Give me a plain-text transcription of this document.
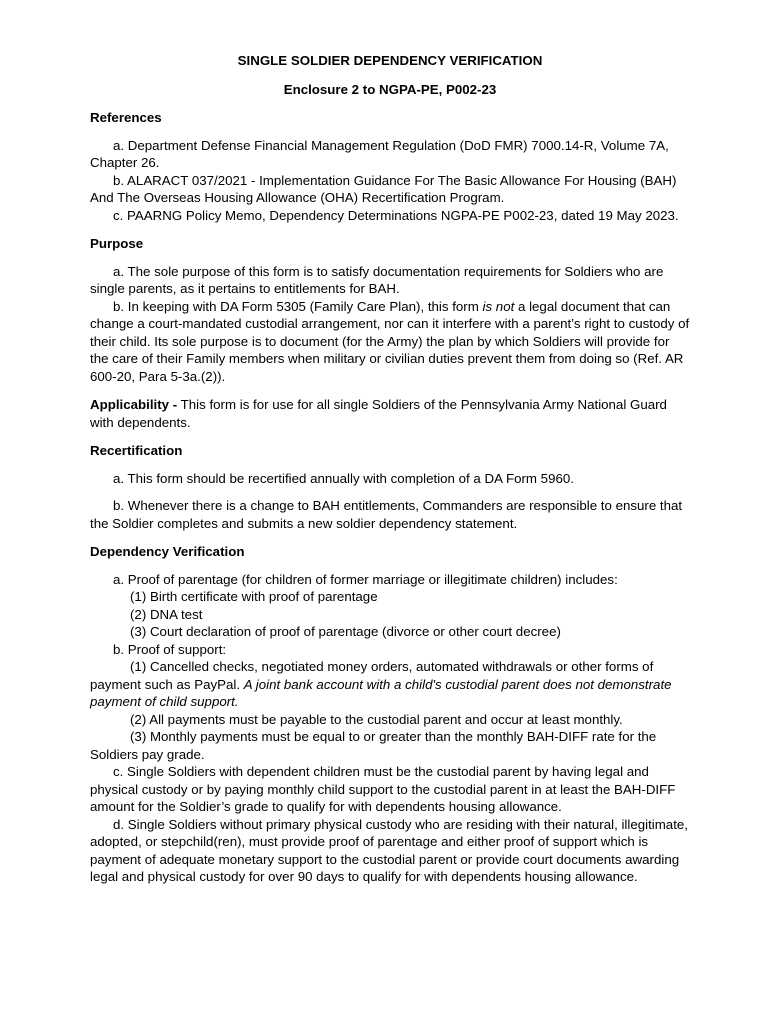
SINGLE SOLDIER DEPENDENCY VERIFICATION

Enclosure 2 to NGPA-PE, P002-23

References

a. Department Defense Financial Management Regulation (DoD FMR) 7000.14-R, Volume 7A, Chapter 26.

b. ALARACT 037/2021 - Implementation Guidance For The Basic Allowance For Housing (BAH) And The Overseas Housing Allowance (OHA) Recertification Program.

c. PAARNG Policy Memo, Dependency Determinations NGPA-PE P002-23, dated 19 May 2023.

Purpose

a. The sole purpose of this form is to satisfy documentation requirements for Soldiers who are single parents, as it pertains to entitlements for BAH.

b. In keeping with DA Form 5305 (Family Care Plan), this form is not a legal document that can change a court-mandated custodial arrangement, nor can it interfere with a parent’s right to custody of their child. Its sole purpose is to document (for the Army) the plan by which Soldiers will provide for the care of their Family members when military or civilian duties prevent them from doing so (Ref. AR 600-20, Para 5-3a.(2)).

Applicability - This form is for use for all single Soldiers of the Pennsylvania Army National Guard with dependents.

Recertification

a. This form should be recertified annually with completion of a DA Form 5960.

b. Whenever there is a change to BAH entitlements, Commanders are responsible to ensure that the Soldier completes and submits a new soldier dependency statement.

Dependency Verification

a. Proof of parentage (for children of former marriage or illegitimate children) includes:

(1) Birth certificate with proof of parentage

(2) DNA test

(3) Court declaration of proof of parentage (divorce or other court decree)

b. Proof of support:

(1) Cancelled checks, negotiated money orders, automated withdrawals or other forms of payment such as PayPal. A joint bank account with a child's custodial parent does not demonstrate payment of child support.

(2) All payments must be payable to the custodial parent and occur at least monthly.

(3) Monthly payments must be equal to or greater than the monthly BAH-DIFF rate for the Soldiers pay grade.

c. Single Soldiers with dependent children must be the custodial parent by having legal and physical custody or by paying monthly child support to the custodial parent in at least the BAH-DIFF amount for the Soldier’s grade to qualify for with dependents housing allowance.

d. Single Soldiers without primary physical custody who are residing with their natural, illegitimate, adopted, or stepchild(ren), must provide proof of parentage and either proof of support which is payment of adequate monetary support to the custodial parent or provide court documents awarding legal and physical custody for over 90 days to qualify for with dependents housing allowance.
